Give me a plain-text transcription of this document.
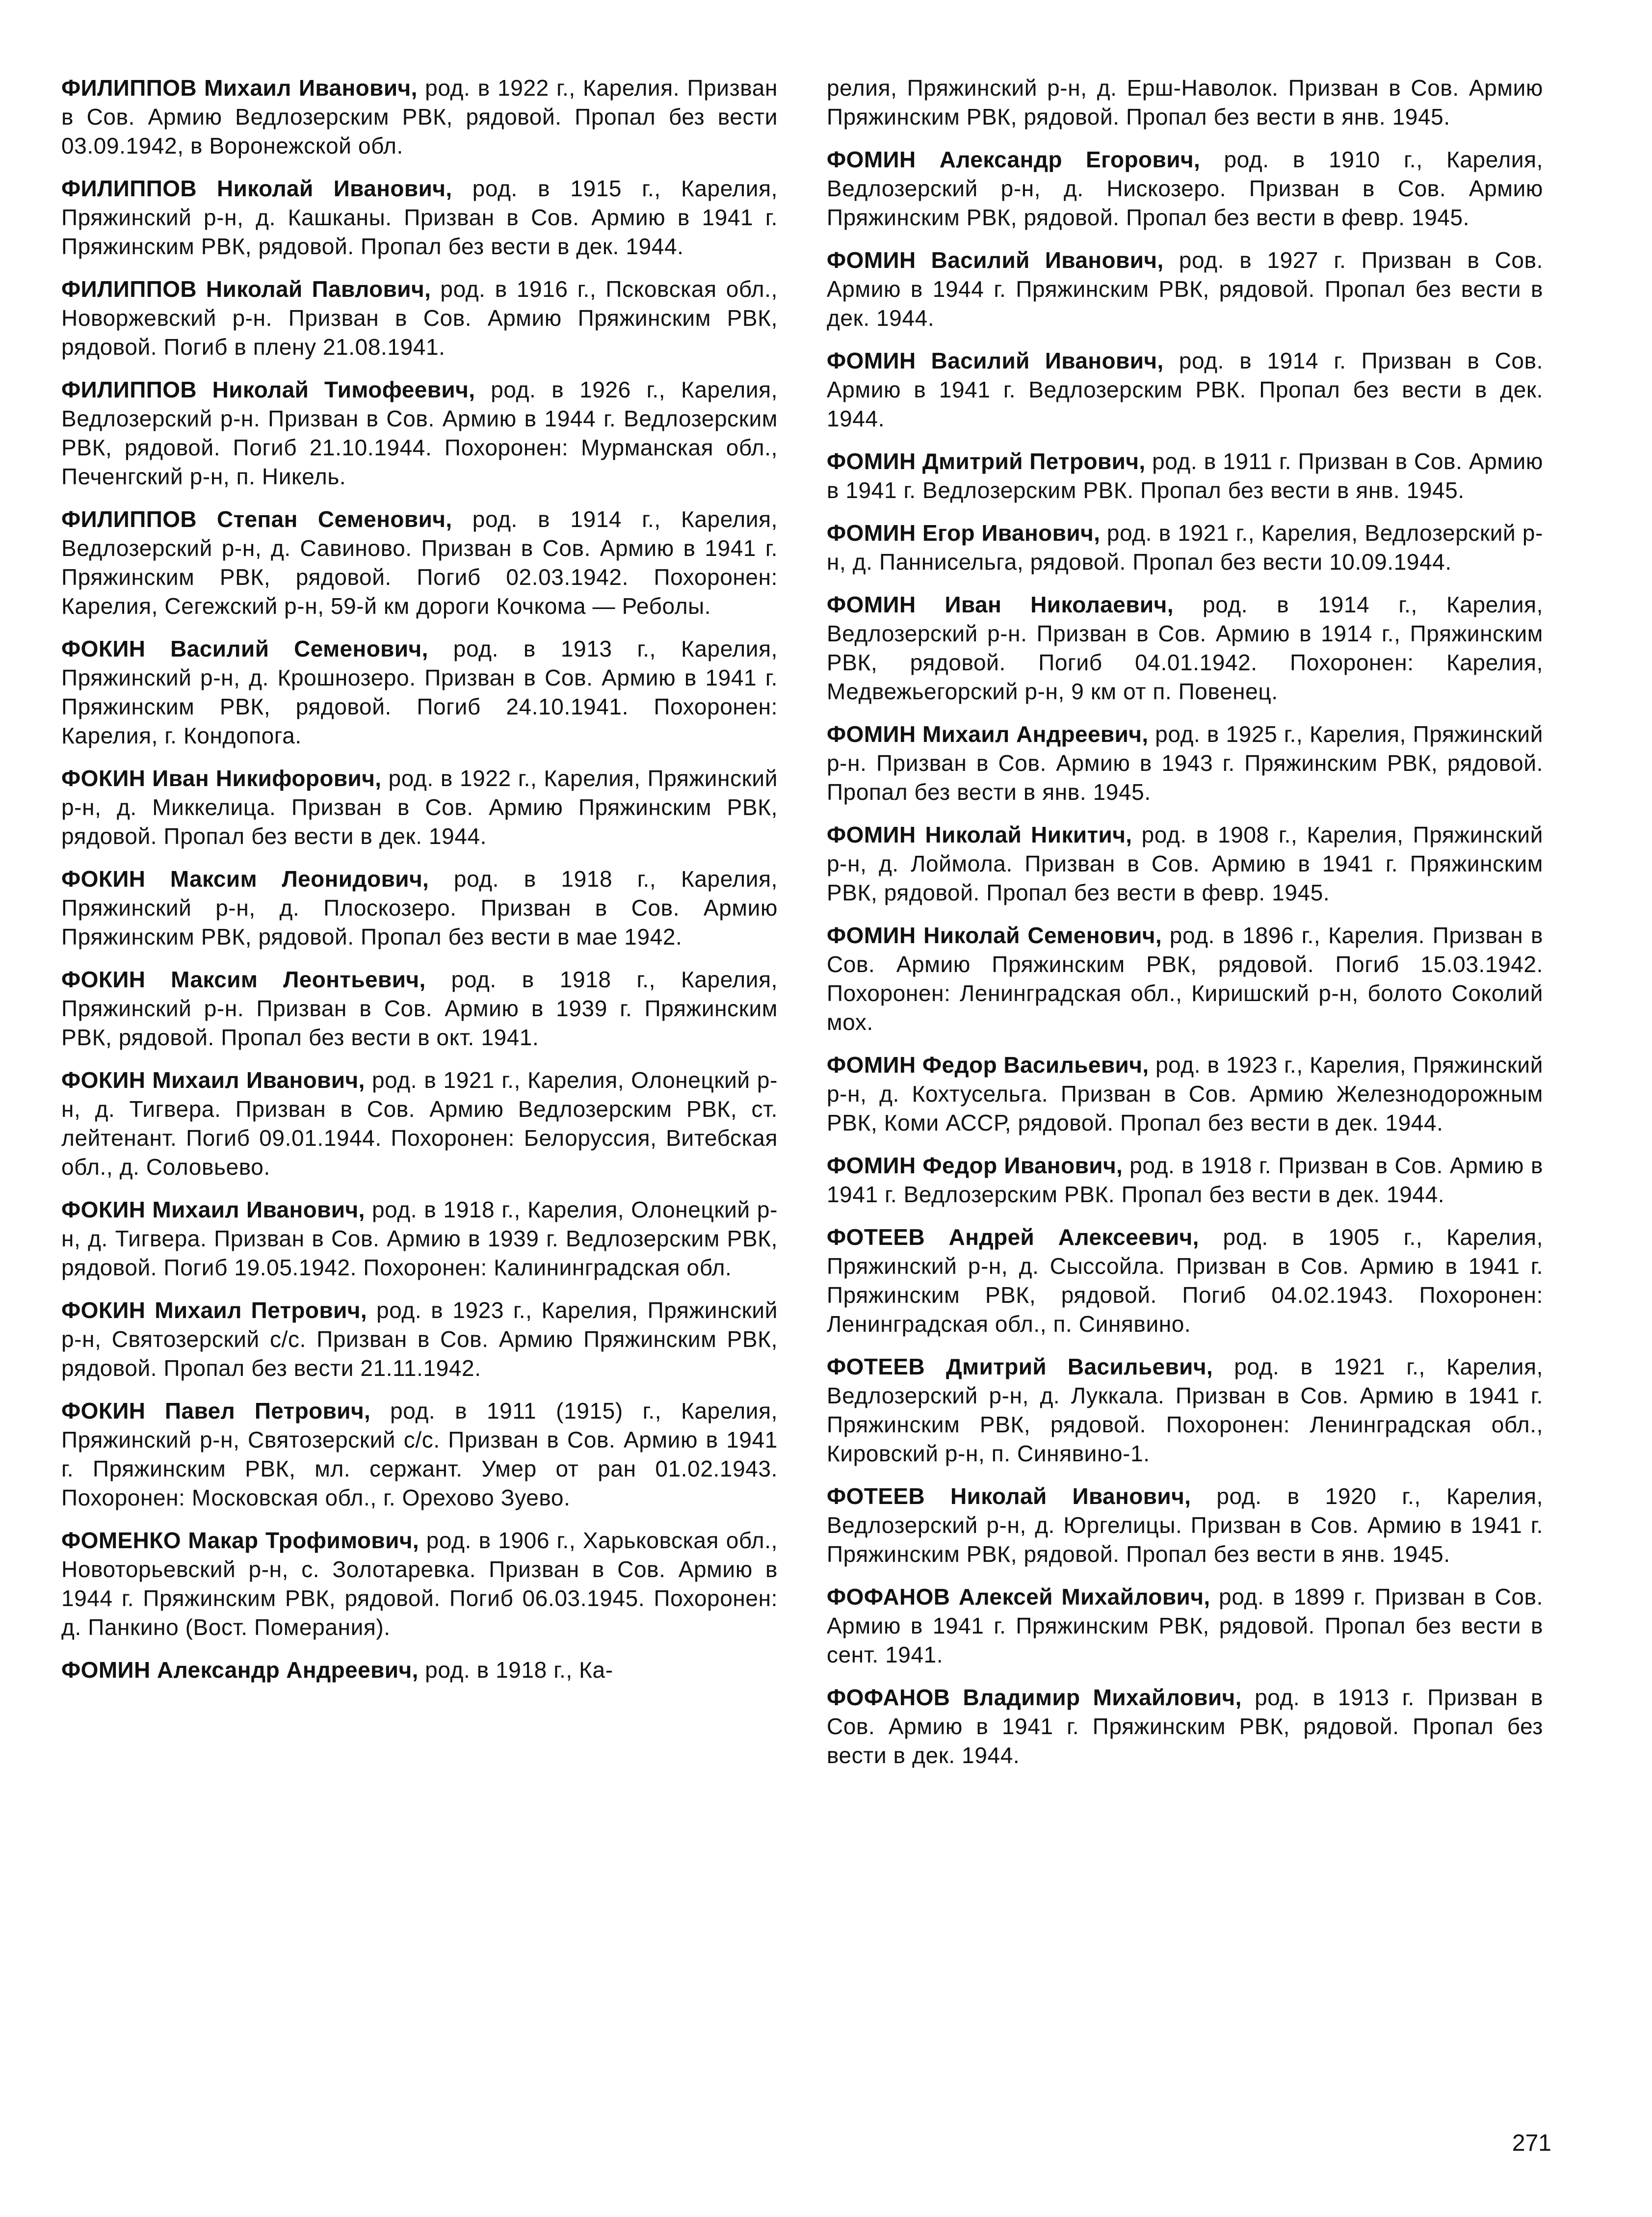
ФИЛИППОВ Михаил Иванович, род. в 1922 г., Карелия. Призван в Сов. Армию Ведлозерским РВК, рядовой. Пропал без вести 03.09.1942, в Воронежской обл.

ФИЛИППОВ Николай Иванович, род. в 1915 г., Карелия, Пряжинский р-н, д. Кашканы. Призван в Сов. Армию в 1941 г. Пряжинским РВК, рядовой. Пропал без вести в дек. 1944.

ФИЛИППОВ Николай Павлович, род. в 1916 г., Псковская обл., Новоржевский р-н. Призван в Сов. Армию Пряжинским РВК, рядовой. Погиб в плену 21.08.1941.

ФИЛИППОВ Николай Тимофеевич, род. в 1926 г., Карелия, Ведлозерский р-н. Призван в Сов. Армию в 1944 г. Ведлозерским РВК, рядовой. Погиб 21.10.1944. Похоронен: Мурманская обл., Печенгский р-н, п. Никель.

ФИЛИППОВ Степан Семенович, род. в 1914 г., Карелия, Ведлозерский р-н, д. Савиново. Призван в Сов. Армию в 1941 г. Пряжинским РВК, рядовой. Погиб 02.03.1942. Похоронен: Карелия, Сегежский р-н, 59-й км дороги Кочкома — Реболы.

ФОКИН Василий Семенович, род. в 1913 г., Карелия, Пряжинский р-н, д. Крошнозеро. Призван в Сов. Армию в 1941 г. Пряжинским РВК, рядовой. Погиб 24.10.1941. Похоронен: Карелия, г. Кондопога.

ФОКИН Иван Никифорович, род. в 1922 г., Карелия, Пряжинский р-н, д. Миккелица. Призван в Сов. Армию Пряжинским РВК, рядовой. Пропал без вести в дек. 1944.

ФОКИН Максим Леонидович, род. в 1918 г., Карелия, Пряжинский р-н, д. Плоскозеро. Призван в Сов. Армию Пряжинским РВК, рядовой. Пропал без вести в мае 1942.

ФОКИН Максим Леонтьевич, род. в 1918 г., Карелия, Пряжинский р-н. Призван в Сов. Армию в 1939 г. Пряжинским РВК, рядовой. Пропал без вести в окт. 1941.

ФОКИН Михаил Иванович, род. в 1921 г., Карелия, Олонецкий р-н, д. Тигвера. Призван в Сов. Армию Ведлозерским РВК, ст. лейтенант. Погиб 09.01.1944. Похоронен: Белоруссия, Витебская обл., д. Соловьево.

ФОКИН Михаил Иванович, род. в 1918 г., Карелия, Олонецкий р-н, д. Тигвера. Призван в Сов. Армию в 1939 г. Ведлозерским РВК, рядовой. Погиб 19.05.1942. Похоронен: Калининградская обл.

ФОКИН Михаил Петрович, род. в 1923 г., Карелия, Пряжинский р-н, Святозерский с/с. Призван в Сов. Армию Пряжинским РВК, рядовой. Пропал без вести 21.11.1942.

ФОКИН Павел Петрович, род. в 1911 (1915) г., Карелия, Пряжинский р-н, Святозерский с/с. Призван в Сов. Армию в 1941 г. Пряжинским РВК, мл. сержант. Умер от ран 01.02.1943. Похоронен: Московская обл., г. Орехово Зуево.

ФОМЕНКО Макар Трофимович, род. в 1906 г., Харьковская обл., Новоторьевский р-н, с. Золотаревка. Призван в Сов. Армию в 1944 г. Пряжинским РВК, рядовой. Погиб 06.03.1945. Похоронен: д. Панкино (Вост. Померания).

ФОМИН Александр Андреевич, род. в 1918 г., Ка-

релия, Пряжинский р-н, д. Ерш-Наволок. Призван в Сов. Армию Пряжинским РВК, рядовой. Пропал без вести в янв. 1945.

ФОМИН Александр Егорович, род. в 1910 г., Карелия, Ведлозерский р-н, д. Нискозеро. Призван в Сов. Армию Пряжинским РВК, рядовой. Пропал без вести в февр. 1945.

ФОМИН Василий Иванович, род. в 1927 г. Призван в Сов. Армию в 1944 г. Пряжинским РВК, рядовой. Пропал без вести в дек. 1944.

ФОМИН Василий Иванович, род. в 1914 г. Призван в Сов. Армию в 1941 г. Ведлозерским РВК. Пропал без вести в дек. 1944.

ФОМИН Дмитрий Петрович, род. в 1911 г. Призван в Сов. Армию в 1941 г. Ведлозерским РВК. Пропал без вести в янв. 1945.

ФОМИН Егор Иванович, род. в 1921 г., Карелия, Ведлозерский р-н, д. Паннисельга, рядовой. Пропал без вести 10.09.1944.

ФОМИН Иван Николаевич, род. в 1914 г., Карелия, Ведлозерский р-н. Призван в Сов. Армию в 1914 г., Пряжинским РВК, рядовой. Погиб 04.01.1942. Похоронен: Карелия, Медвежьегорский р-н, 9 км от п. Повенец.

ФОМИН Михаил Андреевич, род. в 1925 г., Карелия, Пряжинский р-н. Призван в Сов. Армию в 1943 г. Пряжинским РВК, рядовой. Пропал без вести в янв. 1945.

ФОМИН Николай Никитич, род. в 1908 г., Карелия, Пряжинский р-н, д. Лоймола. Призван в Сов. Армию в 1941 г. Пряжинским РВК, рядовой. Пропал без вести в февр. 1945.

ФОМИН Николай Семенович, род. в 1896 г., Карелия. Призван в Сов. Армию Пряжинским РВК, рядовой. Погиб 15.03.1942. Похоронен: Ленинградская обл., Киришский р-н, болото Соколий мох.

ФОМИН Федор Васильевич, род. в 1923 г., Карелия, Пряжинский р-н, д. Кохтусельга. Призван в Сов. Армию Железнодорожным РВК, Коми АССР, рядовой. Пропал без вести в дек. 1944.

ФОМИН Федор Иванович, род. в 1918 г. Призван в Сов. Армию в 1941 г. Ведлозерским РВК. Пропал без вести в дек. 1944.

ФОТЕЕВ Андрей Алексеевич, род. в 1905 г., Карелия, Пряжинский р-н, д. Сыссойла. Призван в Сов. Армию в 1941 г. Пряжинским РВК, рядовой. Погиб 04.02.1943. Похоронен: Ленинградская обл., п. Синявино.

ФОТЕЕВ Дмитрий Васильевич, род. в 1921 г., Карелия, Ведлозерский р-н, д. Луккала. Призван в Сов. Армию в 1941 г. Пряжинским РВК, рядовой. Похоронен: Ленинградская обл., Кировский р-н, п. Синявино-1.

ФОТЕЕВ Николай Иванович, род. в 1920 г., Карелия, Ведлозерский р-н, д. Юргелицы. Призван в Сов. Армию в 1941 г. Пряжинским РВК, рядовой. Пропал без вести в янв. 1945.

ФОФАНОВ Алексей Михайлович, род. в 1899 г. Призван в Сов. Армию в 1941 г. Пряжинским РВК, рядовой. Пропал без вести в сент. 1941.

ФОФАНОВ Владимир Михайлович, род. в 1913 г. Призван в Сов. Армию в 1941 г. Пряжинским РВК, рядовой. Пропал без вести в дек. 1944.

271
